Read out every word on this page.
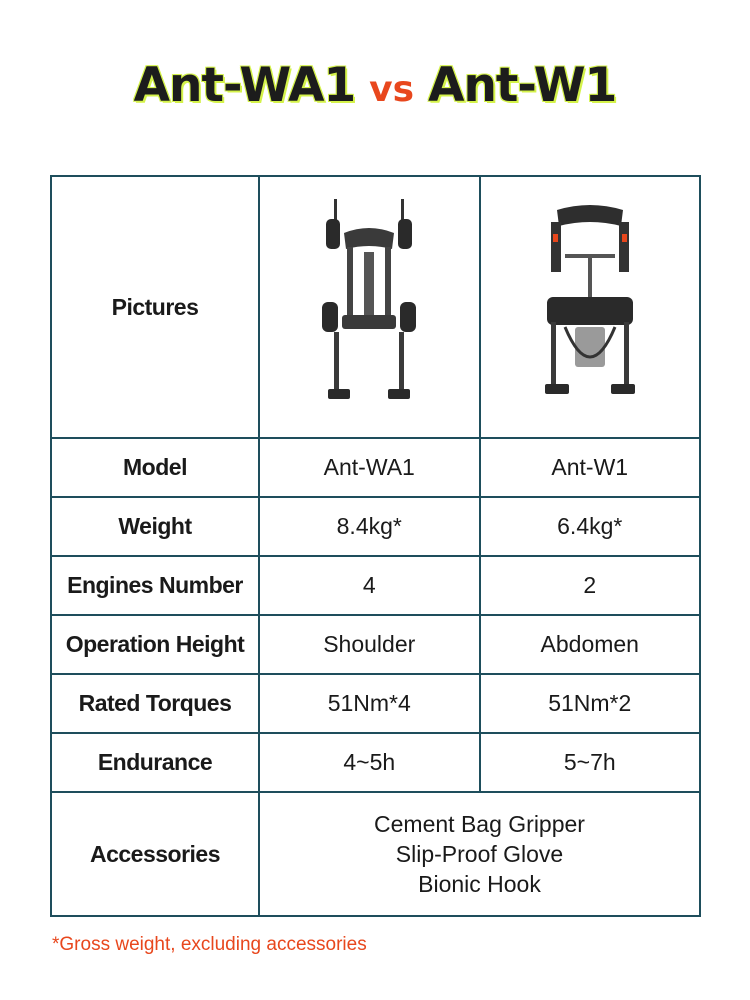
Ant-WA1 vs Ant-W1
Pictures	

Model	Ant-WA1	Ant-W1
Weight	8.4kg*	6.4kg*
Engines Number	4	2
Operation Height	Shoulder	Abdomen
Rated Torques	51Nm*4	51Nm*2
Endurance	4~5h	5~7h
Accessories	Cement Bag Gripper
Slip-Proof Glove
Bionic Hook	
*Gross weight, excluding accessories
